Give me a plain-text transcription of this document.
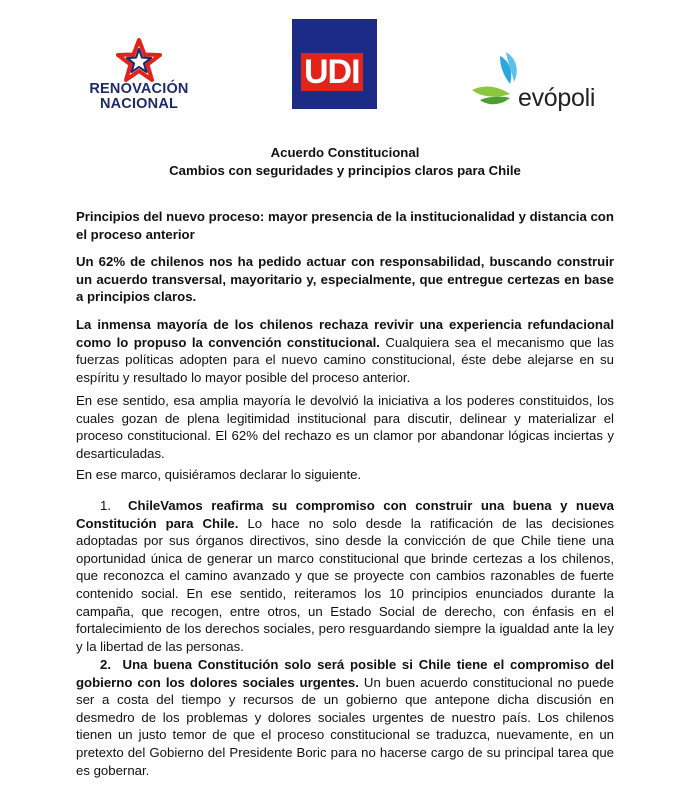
RENOVACIÓN
NACIONAL
UDI
evópoli
Acuerdo Constitucional
Cambios con seguridades y principios claros para Chile
Principios del nuevo proceso: mayor presencia de la institucionalidad y distancia con el proceso anterior
Un 62% de chilenos nos ha pedido actuar con responsabilidad, buscando construir un acuerdo transversal, mayoritario y, especialmente, que entregue certezas en base a principios claros.
La inmensa mayoría de los chilenos rechaza revivir una experiencia refundacional como lo propuso la convención constitucional. Cualquiera sea el mecanismo que las fuerzas políticas adopten para el nuevo camino constitucional, éste debe alejarse en su espíritu y resultado lo mayor posible del proceso anterior.
En ese sentido, esa amplia mayoría le devolvió la iniciativa a los poderes constituidos, los cuales gozan de plena legitimidad institucional para discutir, delinear y materializar el proceso constitucional. El 62% del rechazo es un clamor por abandonar lógicas inciertas y desarticuladas.
En ese marco, quisiéramos declarar lo siguiente.
1. ChileVamos reafirma su compromiso con construir una buena y nueva Constitución para Chile. Lo hace no solo desde la ratificación de las decisiones adoptadas por sus órganos directivos, sino desde la convicción de que Chile tiene una oportunidad única de generar un marco constitucional que brinde certezas a los chilenos, que reconozca el camino avanzado y que se proyecte con cambios razonables de fuerte contenido social. En ese sentido, reiteramos los 10 principios enunciados durante la campaña, que recogen, entre otros, un Estado Social de derecho, con énfasis en el fortalecimiento de los derechos sociales, pero resguardando siempre la igualdad ante la ley y la libertad de las personas.
2. Una buena Constitución solo será posible si Chile tiene el compromiso del gobierno con los dolores sociales urgentes. Un buen acuerdo constitucional no puede ser a costa del tiempo y recursos de un gobierno que antepone dicha discusión en desmedro de los problemas y dolores sociales urgentes de nuestro país. Los chilenos tienen un justo temor de que el proceso constitucional se traduzca, nuevamente, en un pretexto del Gobierno del Presidente Boric para no hacerse cargo de su principal tarea que es gobernar.
